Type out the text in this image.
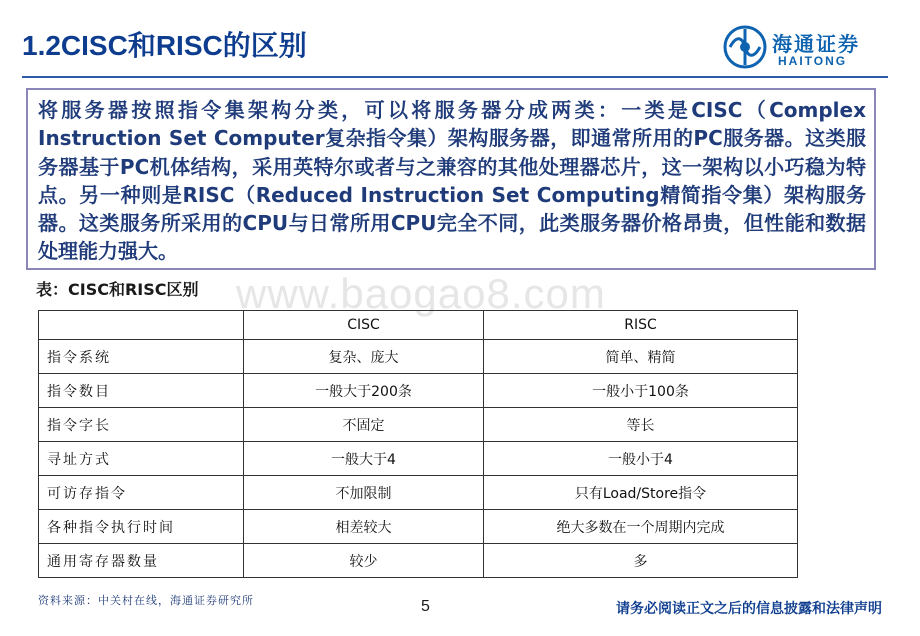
1.2CISC和RISC的区别	海通证券
HAITONG

将服务器按照指令集架构分类，可以将服务器分成两类：一类是CISC（Complex Instruction Set Computer复杂指令集）架构服务器，即通常所用的PC服务器。这类服务器基于PC机体结构，采用英特尔或者与之兼容的其他处理器芯片，这一架构以小巧稳为特点。另一种则是RISC（Reduced Instruction Set Computing精简指令集）架构服务器。这类服务所采用的CPU与日常所用CPU完全不同，此类服务器价格昂贵，但性能和数据处理能力强大。

www.baogao8.com
表：CISC和RISC区别
	CISC	RISC
指令系统	复杂、庞大	简单、精简
指令数目	一般大于200条	一般小于100条
指令字长	不固定	等长
寻址方式	一般大于4	一般小于4
可访存指令	不加限制	只有Load/Store指令
各种指令执行时间	相差较大	绝大多数在一个周期内完成
通用寄存器数量	较少	多
资料来源：中关村在线，海通证券研究所	5	请务必阅读正文之后的信息披露和法律声明
